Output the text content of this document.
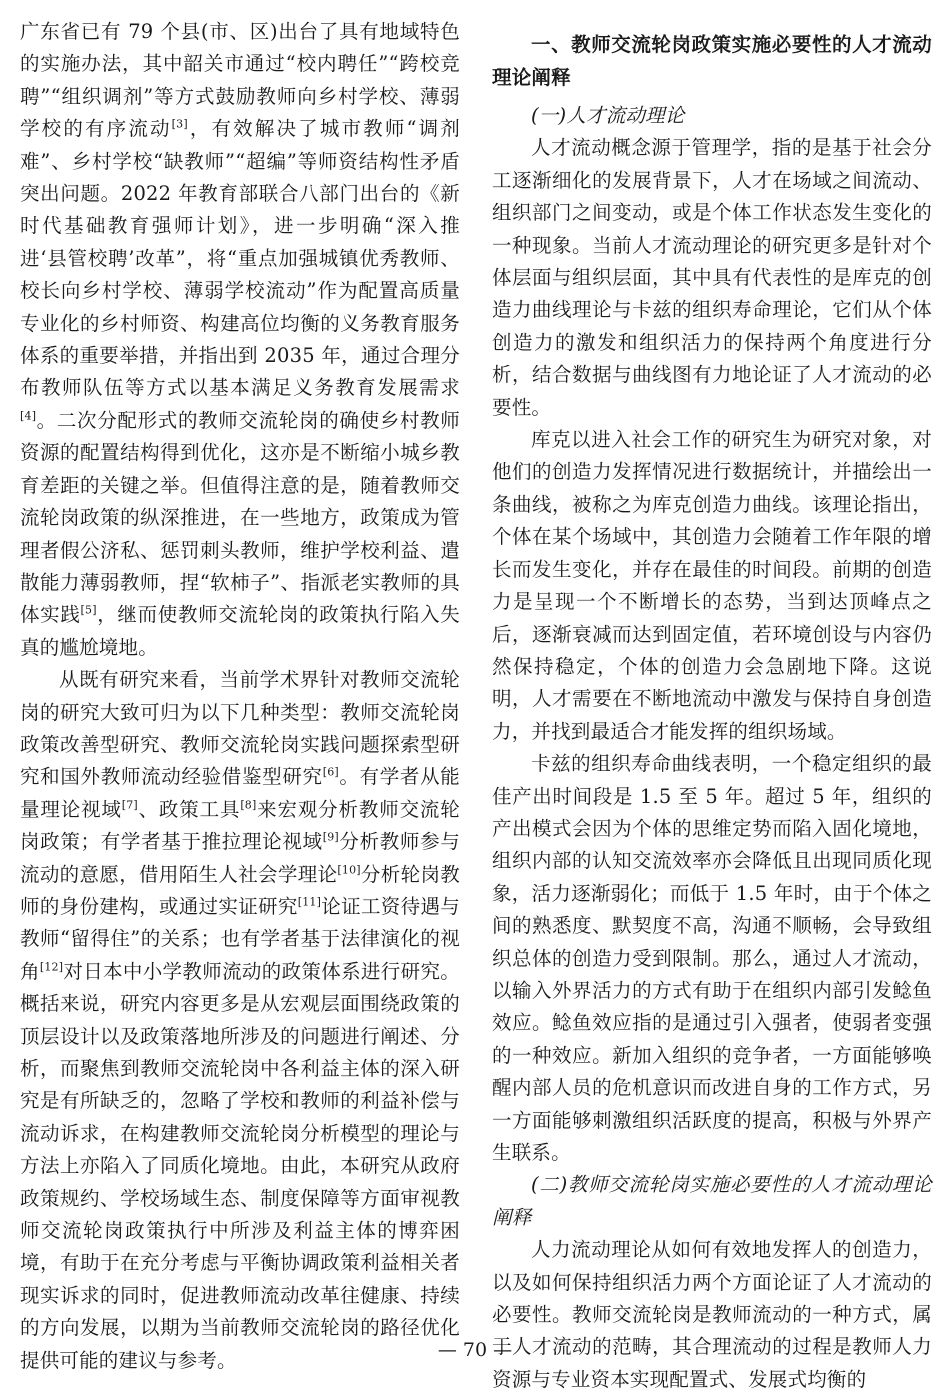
广东省已有 79 个县(市、区)出台了具有地域特色的实施办法，其中韶关市通过“校内聘任”“跨校竞聘”“组织调剂”等方式鼓励教师向乡村学校、薄弱学校的有序流动[3]，有效解决了城市教师“调剂难”、乡村学校“缺教师”“超编”等师资结构性矛盾突出问题。2022 年教育部联合八部门出台的《新时代基础教育强师计划》，进一步明确“深入推进‘县管校聘’改革”，将“重点加强城镇优秀教师、校长向乡村学校、薄弱学校流动”作为配置高质量专业化的乡村师资、构建高位均衡的义务教育服务体系的重要举措，并指出到 2035 年，通过合理分布教师队伍等方式以基本满足义务教育发展需求[4]。二次分配形式的教师交流轮岗的确使乡村教师资源的配置结构得到优化，这亦是不断缩小城乡教育差距的关键之举。但值得注意的是，随着教师交流轮岗政策的纵深推进，在一些地方，政策成为管理者假公济私、惩罚刺头教师，维护学校利益、遣散能力薄弱教师，捏“软柿子”、指派老实教师的具体实践[5]，继而使教师交流轮岗的政策执行陷入失真的尴尬境地。

从既有研究来看，当前学术界针对教师交流轮岗的研究大致可归为以下几种类型：教师交流轮岗政策改善型研究、教师交流轮岗实践问题探索型研究和国外教师流动经验借鉴型研究[6]。有学者从能量理论视域[7]、政策工具[8]来宏观分析教师交流轮岗政策；有学者基于推拉理论视域[9]分析教师参与流动的意愿，借用陌生人社会学理论[10]分析轮岗教师的身份建构，或通过实证研究[11]论证工资待遇与教师“留得住”的关系；也有学者基于法律演化的视角[12]对日本中小学教师流动的政策体系进行研究。概括来说，研究内容更多是从宏观层面围绕政策的顶层设计以及政策落地所涉及的问题进行阐述、分析，而聚焦到教师交流轮岗中各利益主体的深入研究是有所缺乏的，忽略了学校和教师的利益补偿与流动诉求，在构建教师交流轮岗分析模型的理论与方法上亦陷入了同质化境地。由此，本研究从政府政策规约、学校场域生态、制度保障等方面审视教师交流轮岗政策执行中所涉及利益主体的博弈困境，有助于在充分考虑与平衡协调政策利益相关者现实诉求的同时，促进教师流动改革往健康、持续的方向发展，以期为当前教师交流轮岗的路径优化提供可能的建议与参考。

一、教师交流轮岗政策实施必要性的人才流动理论阐释

(一)人才流动理论

人才流动概念源于管理学，指的是基于社会分工逐渐细化的发展背景下，人才在场域之间流动、组织部门之间变动，或是个体工作状态发生变化的一种现象。当前人才流动理论的研究更多是针对个体层面与组织层面，其中具有代表性的是库克的创造力曲线理论与卡兹的组织寿命理论，它们从个体创造力的激发和组织活力的保持两个角度进行分析，结合数据与曲线图有力地论证了人才流动的必要性。

库克以进入社会工作的研究生为研究对象，对他们的创造力发挥情况进行数据统计，并描绘出一条曲线，被称之为库克创造力曲线。该理论指出，个体在某个场域中，其创造力会随着工作年限的增长而发生变化，并存在最佳的时间段。前期的创造力是呈现一个不断增长的态势，当到达顶峰点之后，逐渐衰减而达到固定值，若环境创设与内容仍然保持稳定，个体的创造力会急剧地下降。这说明，人才需要在不断地流动中激发与保持自身创造力，并找到最适合才能发挥的组织场域。

卡兹的组织寿命曲线表明，一个稳定组织的最佳产出时间段是 1.5 至 5 年。超过 5 年，组织的产出模式会因为个体的思维定势而陷入固化境地，组织内部的认知交流效率亦会降低且出现同质化现象，活力逐渐弱化；而低于 1.5 年时，由于个体之间的熟悉度、默契度不高，沟通不顺畅，会导致组织总体的创造力受到限制。那么，通过人才流动，以输入外界活力的方式有助于在组织内部引发鲶鱼效应。鲶鱼效应指的是通过引入强者，使弱者变强的一种效应。新加入组织的竞争者，一方面能够唤醒内部人员的危机意识而改进自身的工作方式，另一方面能够刺激组织活跃度的提高，积极与外界产生联系。

(二)教师交流轮岗实施必要性的人才流动理论阐释

人力流动理论从如何有效地发挥人的创造力，以及如何保持组织活力两个方面论证了人才流动的必要性。教师交流轮岗是教师流动的一种方式，属于人才流动的范畴，其合理流动的过程是教师人力资源与专业资本实现配置式、发展式均衡的

— 70 —
